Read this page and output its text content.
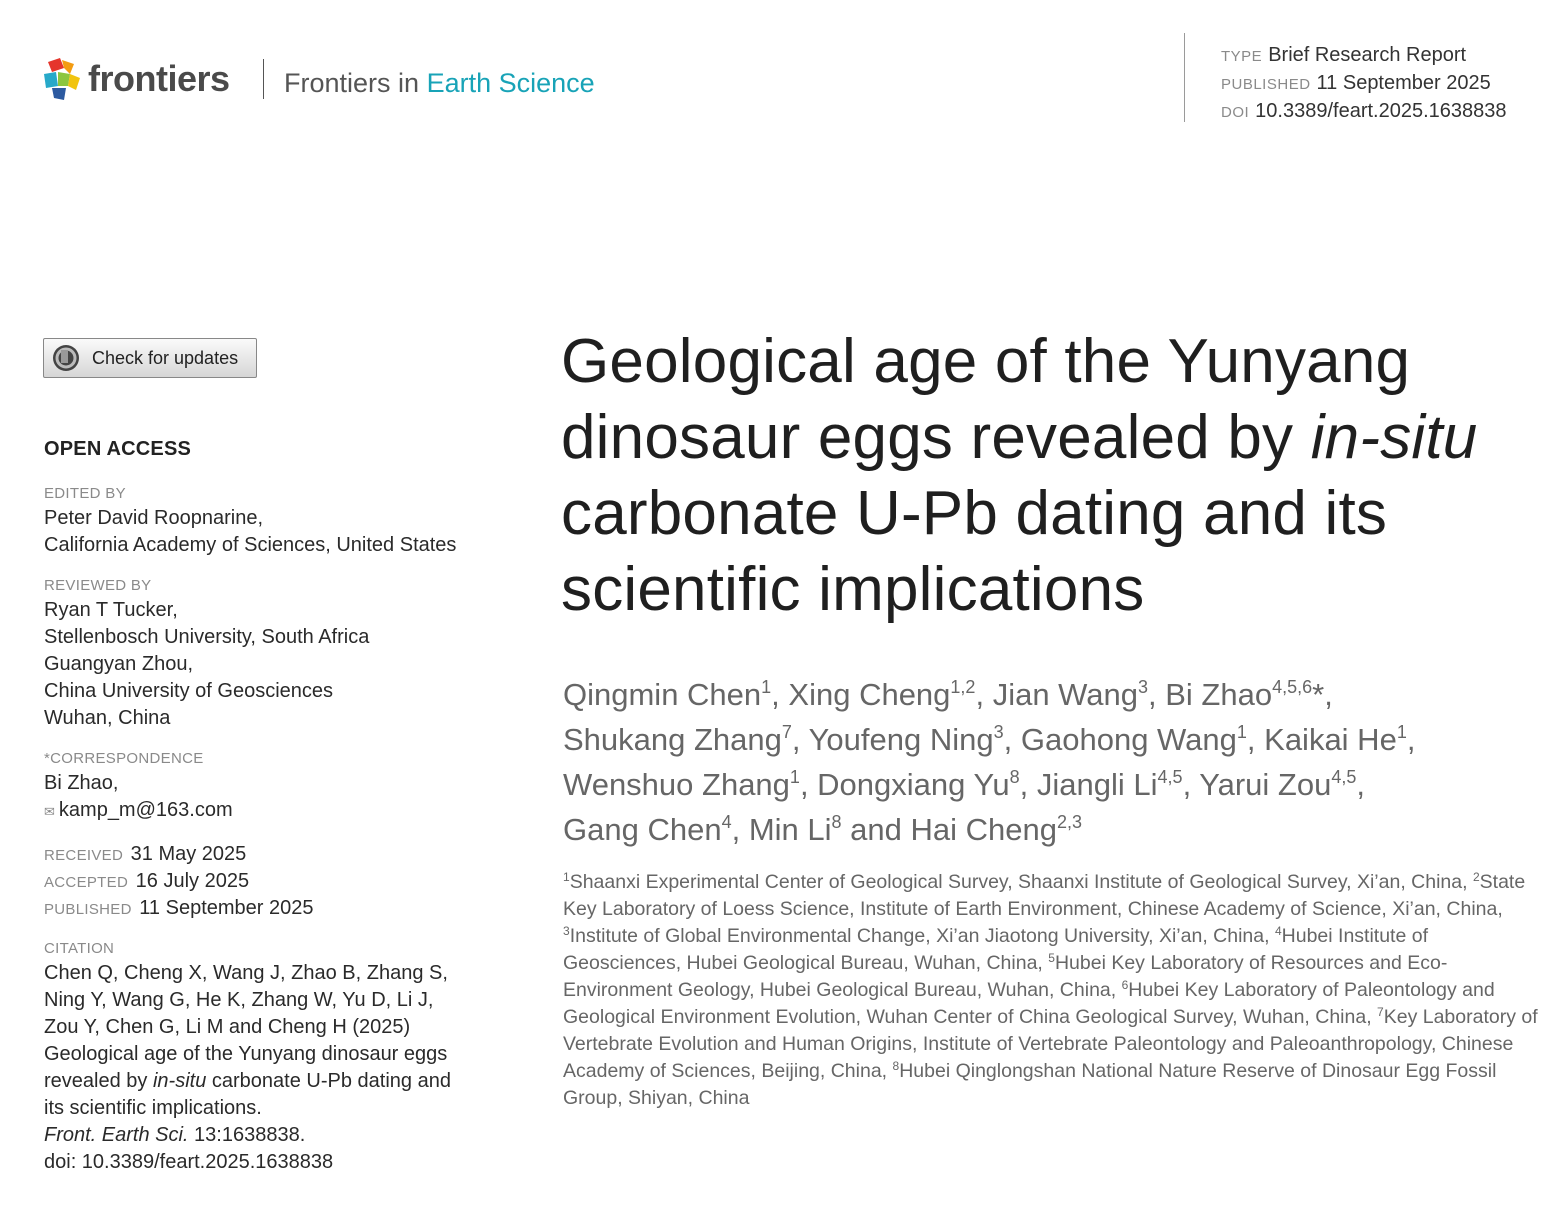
frontiers Frontiers in Earth Science
TYPE Brief Research Report
PUBLISHED 11 September 2025
DOI 10.3389/feart.2025.1638838
Check for updates
OPEN ACCESS
EDITED BY
Peter David Roopnarine,
California Academy of Sciences, United States
REVIEWED BY
Ryan T Tucker,
Stellenbosch University, South Africa
Guangyan Zhou,
China University of Geosciences
Wuhan, China
*CORRESPONDENCE
Bi Zhao,
✉ kamp_m@163.com
RECEIVED 31 May 2025
ACCEPTED 16 July 2025
PUBLISHED 11 September 2025
CITATION
Chen Q, Cheng X, Wang J, Zhao B, Zhang S,
Ning Y, Wang G, He K, Zhang W, Yu D, Li J,
Zou Y, Chen G, Li M and Cheng H (2025)
Geological age of the Yunyang dinosaur eggs
revealed by in-situ carbonate U-Pb dating and
its scientific implications.
Front. Earth Sci. 13:1638838.
doi: 10.3389/feart.2025.1638838
Geological age of the Yunyang
dinosaur eggs revealed by in-situ
carbonate U-Pb dating and its
scientific implications
Qingmin Chen$^1$, Xing Cheng$^{1,2}$, Jian Wang$^3$, Bi Zhao$^{4,5,6}$*,
Shukang Zhang$^7$, Youfeng Ning$^3$, Gaohong Wang$^1$, Kaikai He$^1$,
Wenshuo Zhang$^1$, Dongxiang Yu$^8$, Jiangli Li$^{4,5}$, Yarui Zou$^{4,5}$,
Gang Chen$^4$, Min Li$^8$ and Hai Cheng$^{2,3}$
$^1$Shaanxi Experimental Center of Geological Survey, Shaanxi Institute of Geological Survey, Xi’an, China, $^2$State Key Laboratory of Loess Science, Institute of Earth Environment, Chinese Academy of Science, Xi’an, China, $^3$Institute of Global Environmental Change, Xi’an Jiaotong University, Xi’an, China, $^4$Hubei Institute of Geosciences, Hubei Geological Bureau, Wuhan, China, $^5$Hubei Key Laboratory of Resources and Eco-Environment Geology, Hubei Geological Bureau, Wuhan, China, $^6$Hubei Key Laboratory of Paleontology and Geological Environment Evolution, Wuhan Center of China Geological Survey, Wuhan, China, $^7$Key Laboratory of Vertebrate Evolution and Human Origins, Institute of Vertebrate Paleontology and Paleoanthropology, Chinese Academy of Sciences, Beijing, China, $^8$Hubei Qinglongshan National Nature Reserve of Dinosaur Egg Fossil Group, Shiyan, China
